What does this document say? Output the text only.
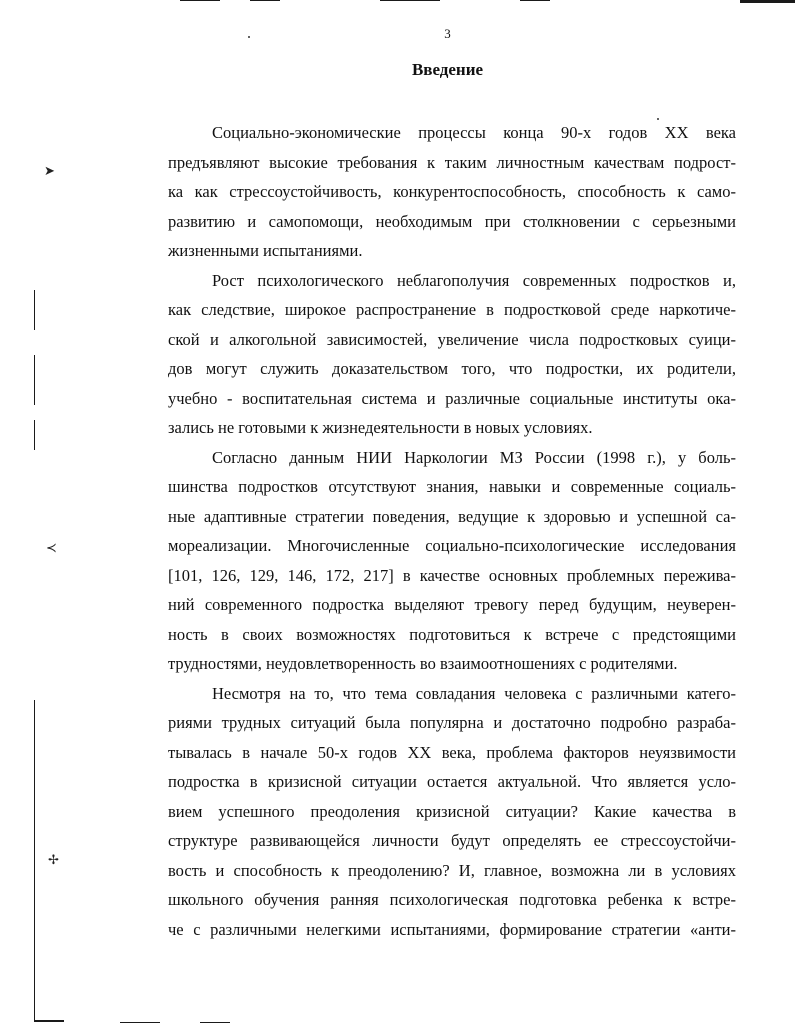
➤
≺
✢
3
Введение
Социально-экономические процессы конца 90-х годов XX века
предъявляют высокие требования к таким личностным качествам подрост-
ка как стрессоустойчивость, конкурентоспособность, способность к само-
развитию и самопомощи, необходимым при столкновении с серьезными
жизненными испытаниями.
Рост психологического неблагополучия современных подростков и,
как следствие, широкое распространение в подростковой среде наркотиче-
ской и алкогольной зависимостей, увеличение числа подростковых суици-
дов могут служить доказательством того, что подростки, их родители,
учебно - воспитательная система и различные социальные институты ока-
зались не готовыми к жизнедеятельности в новых условиях.
Согласно данным НИИ Наркологии МЗ России (1998 г.), у боль-
шинства подростков отсутствуют знания, навыки и современные социаль-
ные адаптивные стратегии поведения, ведущие к здоровью и успешной са-
мореализации. Многочисленные социально-психологические исследования
[101, 126, 129, 146, 172, 217] в качестве основных проблемных пережива-
ний современного подростка выделяют тревогу перед будущим, неуверен-
ность в своих возможностях подготовиться к встрече с предстоящими
трудностями, неудовлетворенность во взаимоотношениях с родителями.
Несмотря на то, что тема совладания человека с различными катего-
риями трудных ситуаций была популярна и достаточно подробно разраба-
тывалась в начале 50-х годов XX века, проблема факторов неуязвимости
подростка в кризисной ситуации остается актуальной. Что является усло-
вием успешного преодоления кризисной ситуации? Какие качества в
структуре развивающейся личности будут определять ее стрессоустойчи-
вость и способность к преодолению? И, главное, возможна ли в условиях
школьного обучения ранняя психологическая подготовка ребенка к встре-
че с различными нелегкими испытаниями, формирование стратегии «анти-
